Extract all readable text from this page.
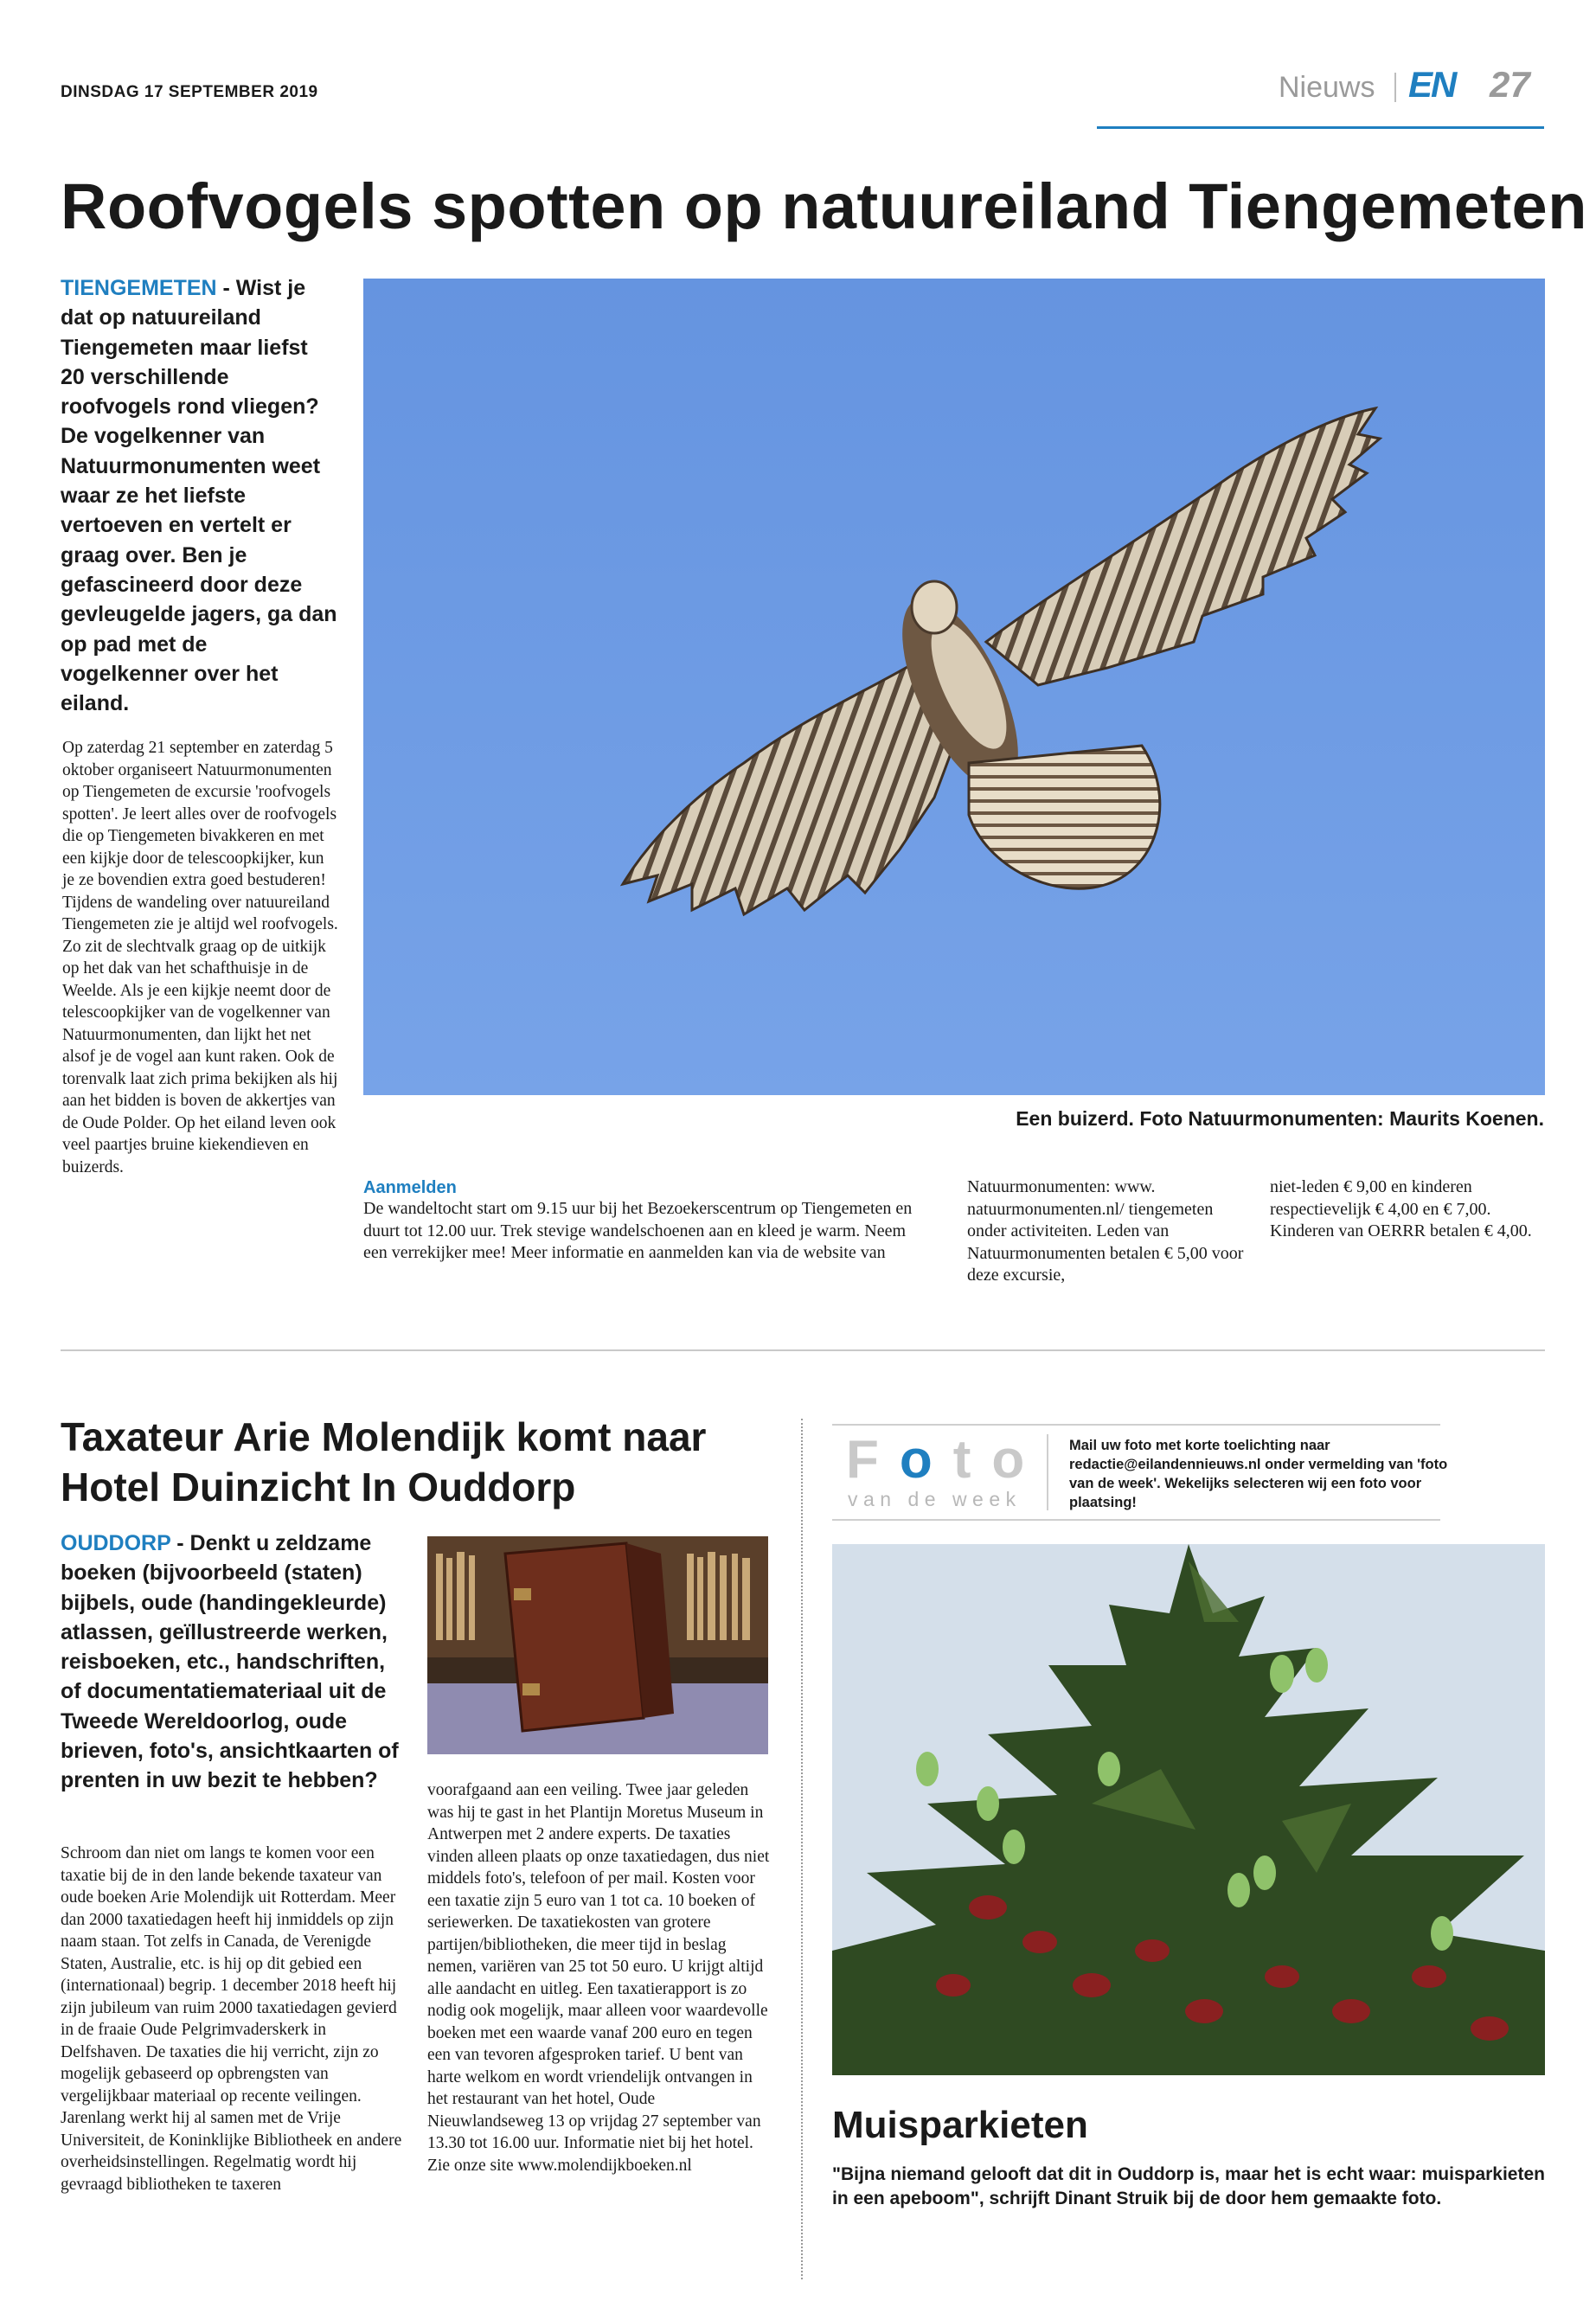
DINSDAG 17 SEPTEMBER 2019	Nieuws EN 27
Roofvogels spotten op natuureiland Tiengemeten
TIENGEMETEN - Wist je dat op natuureiland Tiengemeten maar liefst 20 verschillende roofvogels rond vliegen? De vogelkenner van Natuurmonumenten weet waar ze het liefste vertoeven en vertelt er graag over. Ben je gefascineerd door deze gevleugelde jagers, ga dan op pad met de vogelkenner over het eiland.
Op zaterdag 21 september en zaterdag 5 oktober organiseert Natuurmonumenten op Tiengemeten de excursie 'roofvogels spotten'. Je leert alles over de roofvogels die op Tiengemeten bivakkeren en met een kijkje door de telescoopkijker, kun je ze bovendien extra goed bestuderen! Tijdens de wandeling over natuureiland Tiengemeten zie je altijd wel roofvogels. Zo zit de slechtvalk graag op de uitkijk op het dak van het schafthuisje in de Weelde. Als je een kijkje neemt door de telescoopkijker van de vogelkenner van Natuurmonumenten, dan lijkt het net alsof je de vogel aan kunt raken. Ook de torenvalk laat zich prima bekijken als hij aan het bidden is boven de akkertjes van de Oude Polder. Op het eiland leven ook veel paartjes bruine kiekendieven en buizerds.
Een buizerd. Foto Natuurmonumenten: Maurits Koenen.
Aanmelden
De wandeltocht start om 9.15 uur bij het Bezoekerscentrum op Tiengemeten en duurt tot 12.00 uur. Trek stevige wandelschoenen aan en kleed je warm. Neem een verrekijker mee! Meer informatie en aanmelden kan via de website van
Natuurmonumenten: www. natuurmonumenten.nl/ tiengemeten onder activiteiten. Leden van Natuurmonumenten betalen € 5,00 voor deze excursie,
niet-leden € 9,00 en kinderen respectievelijk € 4,00 en € 7,00. Kinderen van OERRR betalen € 4,00.
Taxateur Arie Molendijk komt naar Hotel Duinzicht In Ouddorp
OUDDORP - Denkt u zeldzame boeken (bijvoorbeeld (staten) bijbels, oude (handingekleurde) atlassen, geïllustreerde werken, reisboeken, etc., handschriften, of documentatiemateriaal uit de Tweede Wereldoorlog, oude brieven, foto's, ansichtkaarten of prenten in uw bezit te hebben?
Schroom dan niet om langs te komen voor een taxatie bij de in den lande bekende taxateur van oude boeken Arie Molendijk uit Rotterdam. Meer dan 2000 taxatiedagen heeft hij inmiddels op zijn naam staan. Tot zelfs in Canada, de Verenigde Staten, Australie, etc. is hij op dit gebied een (internationaal) begrip. 1 december 2018 heeft hij zijn jubileum van ruim 2000 taxatiedagen gevierd in de fraaie Oude Pelgrimvaderskerk in Delfshaven. De taxaties die hij verricht, zijn zo mogelijk gebaseerd op opbrengsten van vergelijkbaar materiaal op recente veilingen. Jarenlang werkt hij al samen met de Vrije Universiteit, de Koninklijke Bibliotheek en andere overheidsinstellingen. Regelmatig wordt hij gevraagd bibliotheken te taxeren
voorafgaand aan een veiling. Twee jaar geleden was hij te gast in het Plantijn Moretus Museum in Antwerpen met 2 andere experts. De taxaties vinden alleen plaats op onze taxatiedagen, dus niet middels foto's, telefoon of per mail. Kosten voor een taxatie zijn 5 euro van 1 tot ca. 10 boeken of seriewerken. De taxatiekosten van grotere partijen/bibliotheken, die meer tijd in beslag nemen, variëren van 25 tot 50 euro. U krijgt altijd alle aandacht en uitleg. Een taxatierapport is zo nodig ook mogelijk, maar alleen voor waardevolle boeken met een waarde vanaf 200 euro en tegen een van tevoren afgesproken tarief. U bent van harte welkom en wordt vriendelijk ontvangen in het restaurant van het hotel, Oude Nieuwlandseweg 13 op vrijdag 27 september van 13.30 tot 16.00 uur. Informatie niet bij het hotel. Zie onze site www.molendijkboeken.nl
Foto
van de week
Mail uw foto met korte toelichting naar redactie@eilandennieuws.nl onder vermelding van 'foto van de week'. Wekelijks selecteren wij een foto voor plaatsing!
Muisparkieten
"Bijna niemand gelooft dat dit in Ouddorp is, maar het is echt waar: muisparkieten in een apeboom", schrijft Dinant Struik bij de door hem gemaakte foto.
